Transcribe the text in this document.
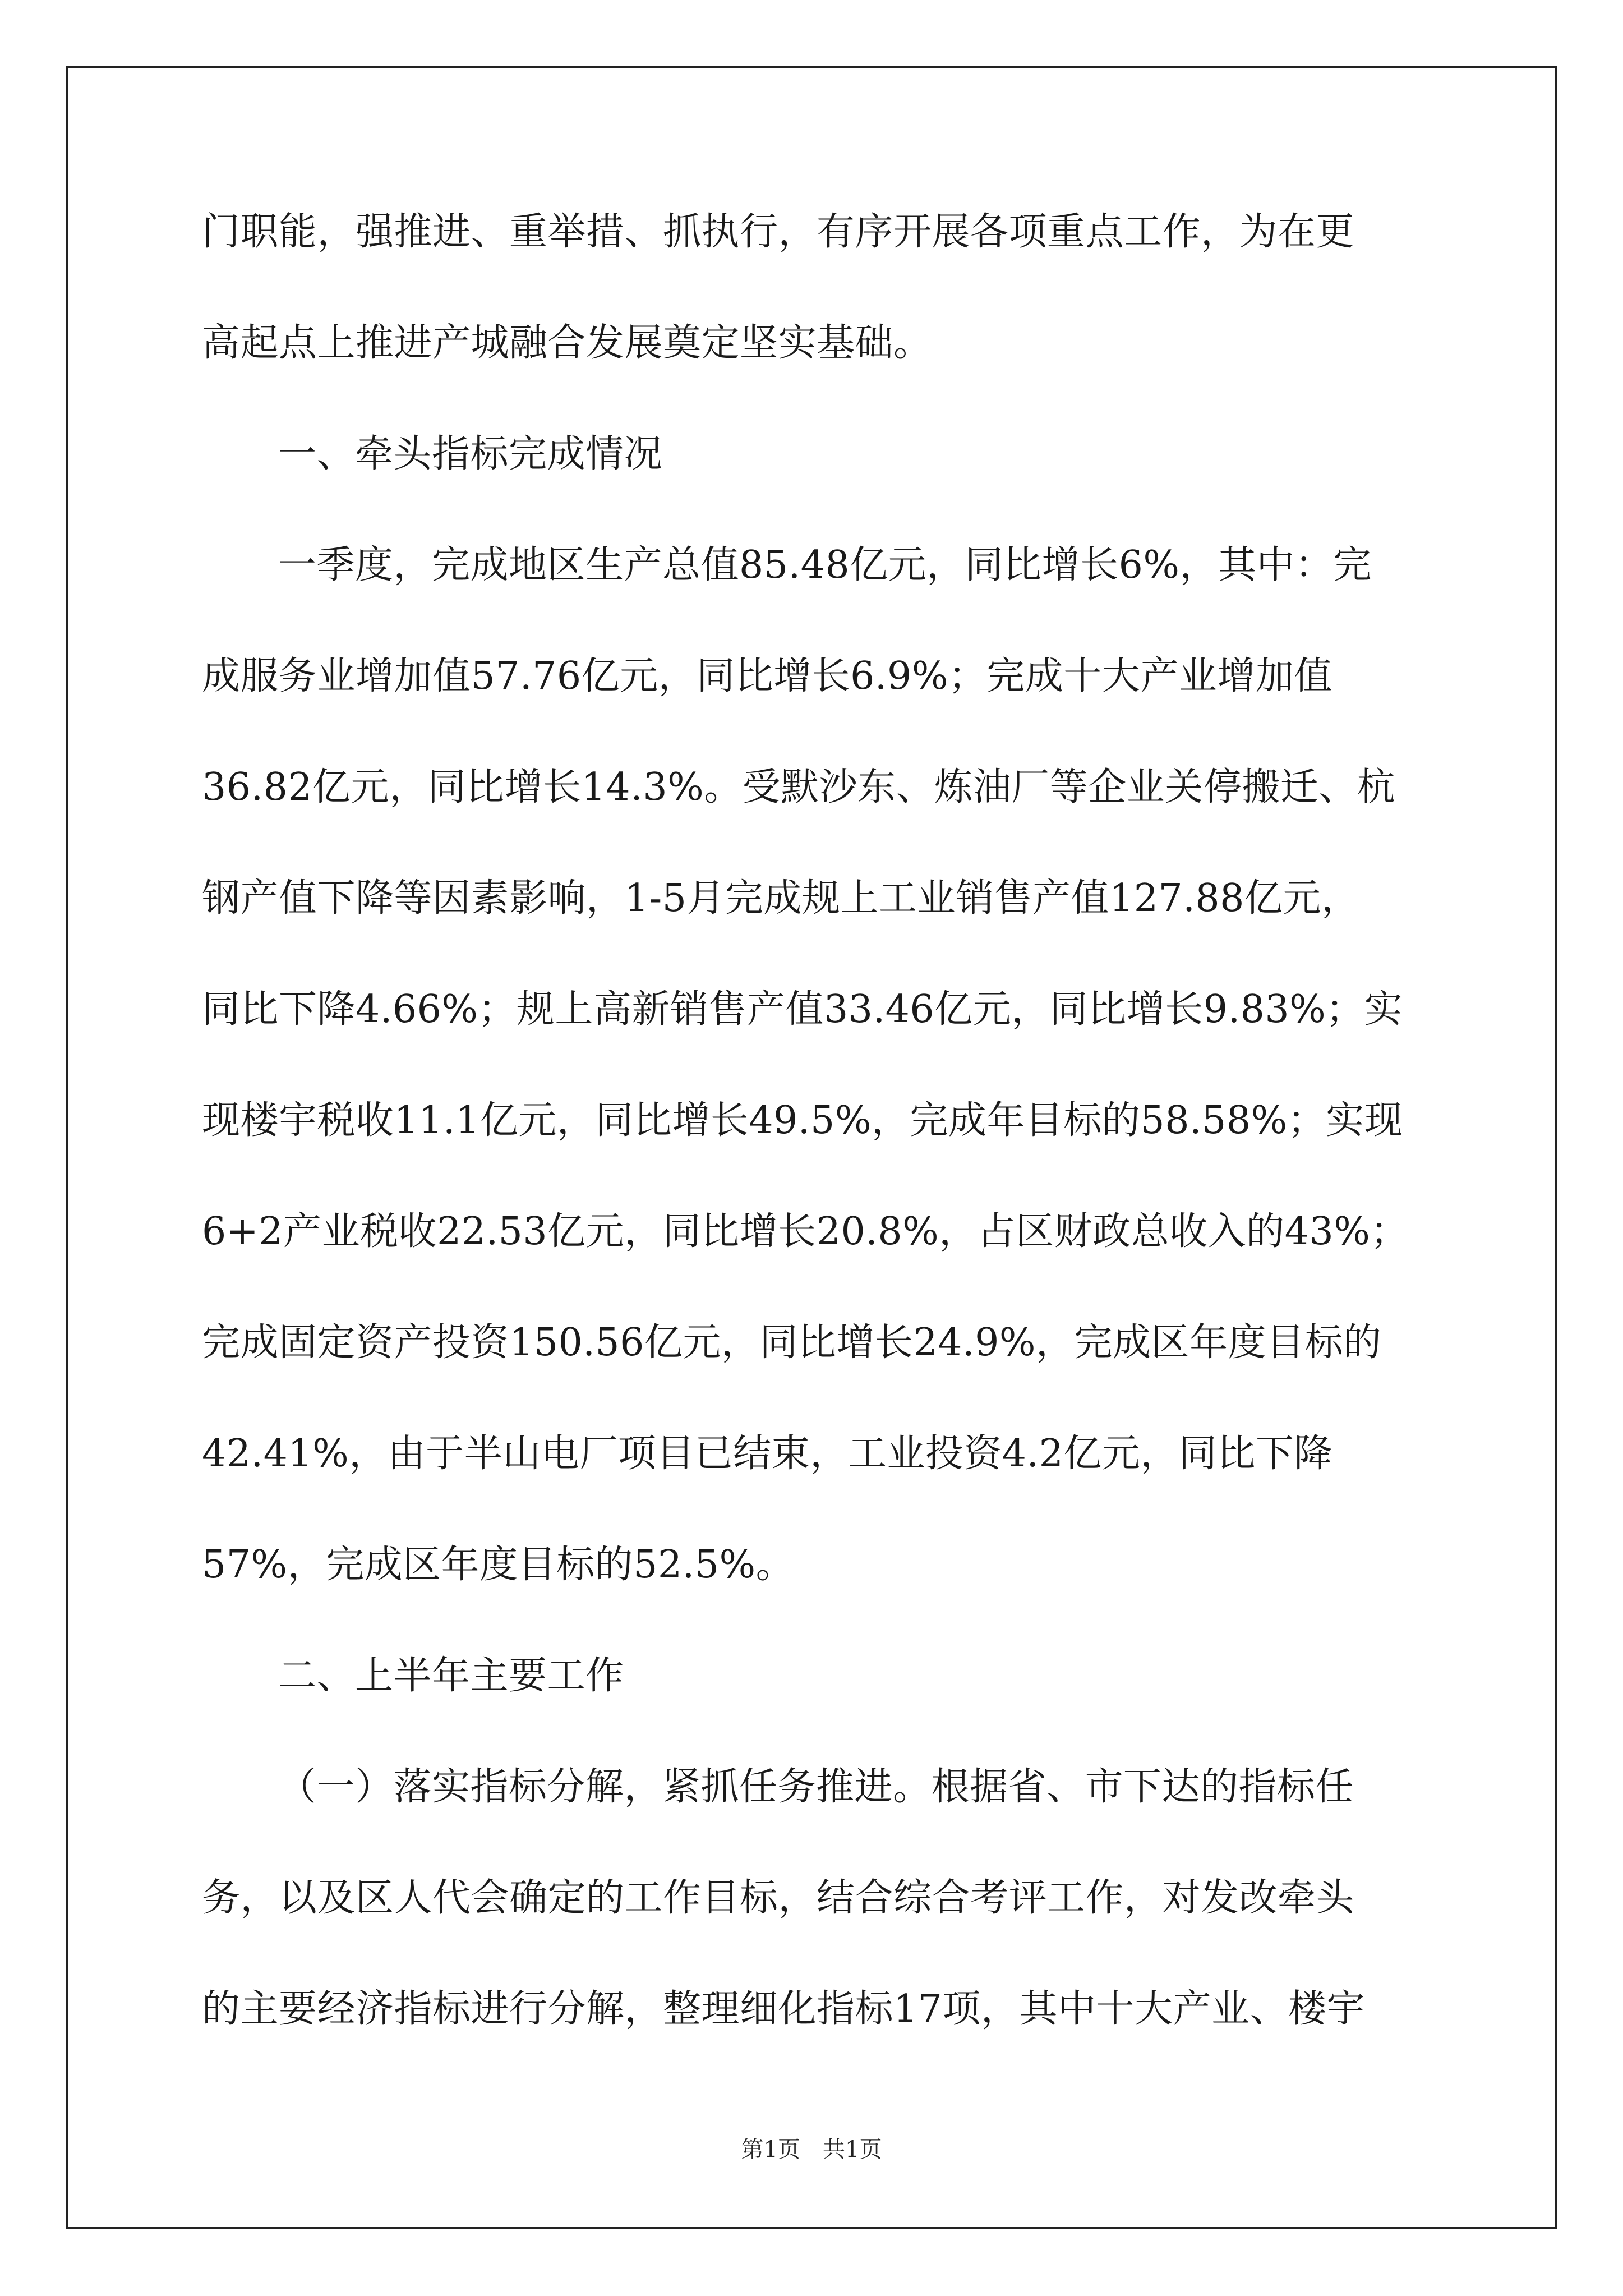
门职能，强推进、重举措、抓执行，有序开展各项重点工作，为在更
高起点上推进产城融合发展奠定坚实基础。
一、牵头指标完成情况
一季度，完成地区生产总值85.48亿元，同比增长6%，其中：完
成服务业增加值57.76亿元，同比增长6.9%；完成十大产业增加值
36.82亿元，同比增长14.3%。受默沙东、炼油厂等企业关停搬迁、杭
钢产值下降等因素影响，1-5月完成规上工业销售产值127.88亿元，
同比下降4.66%；规上高新销售产值33.46亿元，同比增长9.83%；实
现楼宇税收11.1亿元，同比增长49.5%，完成年目标的58.58%；实现
6+2产业税收22.53亿元，同比增长20.8%，占区财政总收入的43%；
完成固定资产投资150.56亿元，同比增长24.9%，完成区年度目标的
42.41%，由于半山电厂项目已结束，工业投资4.2亿元，同比下降
57%，完成区年度目标的52.5%。
二、上半年主要工作
（一）落实指标分解，紧抓任务推进。根据省、市下达的指标任
务，以及区人代会确定的工作目标，结合综合考评工作，对发改牵头
的主要经济指标进行分解，整理细化指标17项，其中十大产业、楼宇
第1页 共1页
